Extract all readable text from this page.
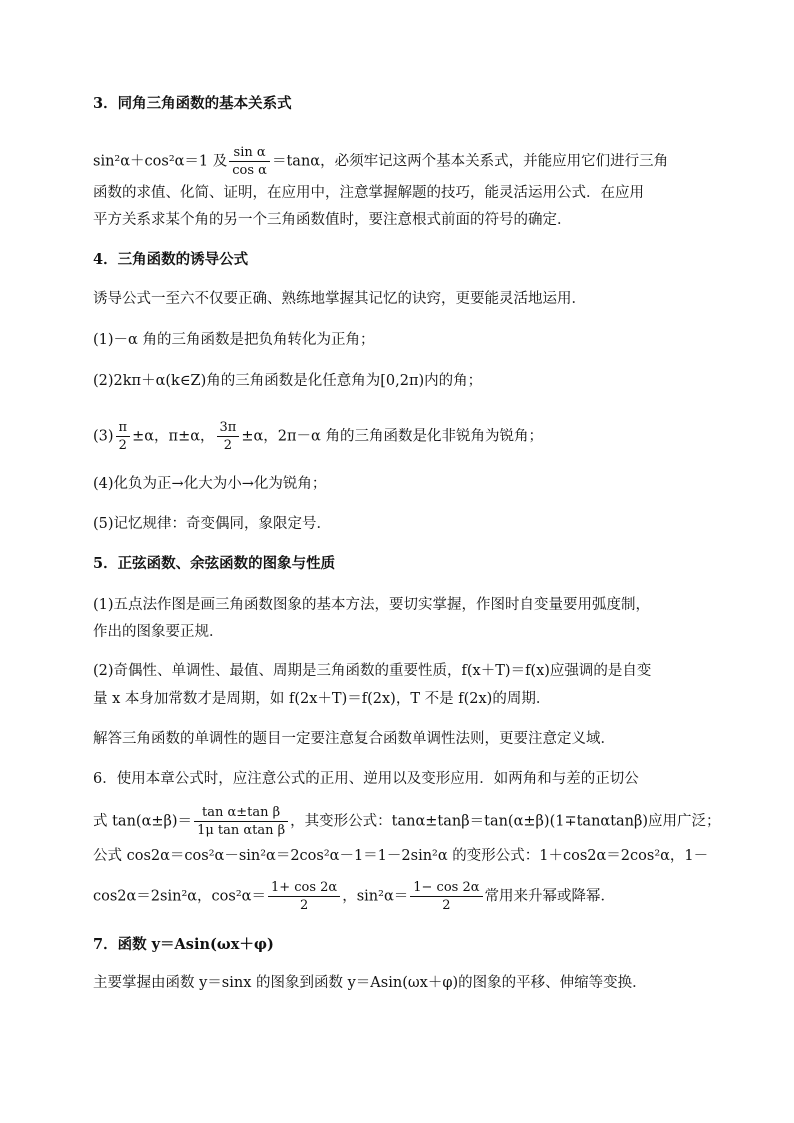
3．同角三角函数的基本关系式
sin²α＋cos²α＝1 及 $\frac{\text{sin α}}{\text{cos α}} =\tan\alpha$，必须牢记这两个基本关系式，并能应用它们进行三角
函数的求值、化简、证明，在应用中，注意掌握解题的技巧，能灵活运用公式．在应用
平方关系求某个角的另一个三角函数值时，要注意根式前面的符号的确定．
4．三角函数的诱导公式
诱导公式一至六不仅要正确、熟练地掌握其记忆的诀窍，更要能灵活地运用．
(1)－α 角的三角函数是把负角转化为正角；
(2)2kπ＋α(k∈Z)角的三角函数是化任意角为[0,2π)内的角；
$(3) \frac{\pi}{2} \pm\alpha$，π±α， $\frac{3\pi}{2} \pm\alpha$，2π－α 角的三角函数是化非锐角为锐角；
(4)化负为正→化大为小→化为锐角；
(5)记忆规律：奇变偶同，象限定号．
5．正弦函数、余弦函数的图象与性质
(1)五点法作图是画三角函数图象的基本方法，要切实掌握，作图时自变量要用弧度制，
作出的图象要正规．
(2)奇偶性、单调性、最值、周期是三角函数的重要性质，f(x＋T)＝f(x)应强调的是自变
量 x 本身加常数才是周期，如 f(2x＋T)＝f(2x)，T 不是 f(2x)的周期．
解答三角函数的单调性的题目一定要注意复合函数单调性法则，更要注意定义域．
6．使用本章公式时，应注意公式的正用、逆用以及变形应用．如两角和与差的正切公
式 $\tan(\alpha\pm\beta)= \frac{\text{tan α±tan β}}{\text{1μ tan αtan β}}$ ，其变形公式：tanα±tanβ＝tan(α±β)(1∓tanαtanβ)应用广泛；
公式 cos2α＝cos²α－sin²α＝2cos²α－1＝1－2sin²α 的变形公式：1＋cos2α＝2cos²α，1－
cos2α＝2sin²α，$\cos^2\alpha= \frac{1+ \cos 2\alpha}{2}$ ，$\sin^2\alpha= \frac{1- \cos 2\alpha}{2}$ 常用来升幂或降幂．
7．函数 y＝Asin(ωx＋φ)
主要掌握由函数 y＝sinx 的图象到函数 y＝Asin(ωx＋φ)的图象的平移、伸缩等变换．
